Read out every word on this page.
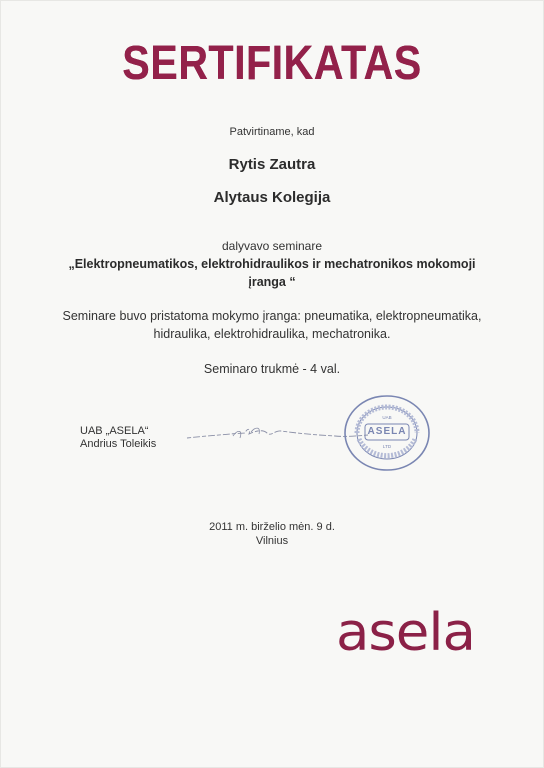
SERTIFIKATAS
Patvirtiname, kad
Rytis Zautra
Alytaus Kolegija
dalyvavo seminare
„Elektropneumatikos, elektrohidraulikos ir mechatronikos mokomoji
įranga “
Seminare buvo pristatoma mokymo įranga: pneumatika, elektropneumatika,
hidraulika, elektrohidraulika, mechatronika.
Seminaro trukmė - 4 val.
UAB „ASELA“
Andrius Toleikis
UAB
LTD
ASELA
2011 m. birželio mėn. 9 d.
Vilnius
asela
